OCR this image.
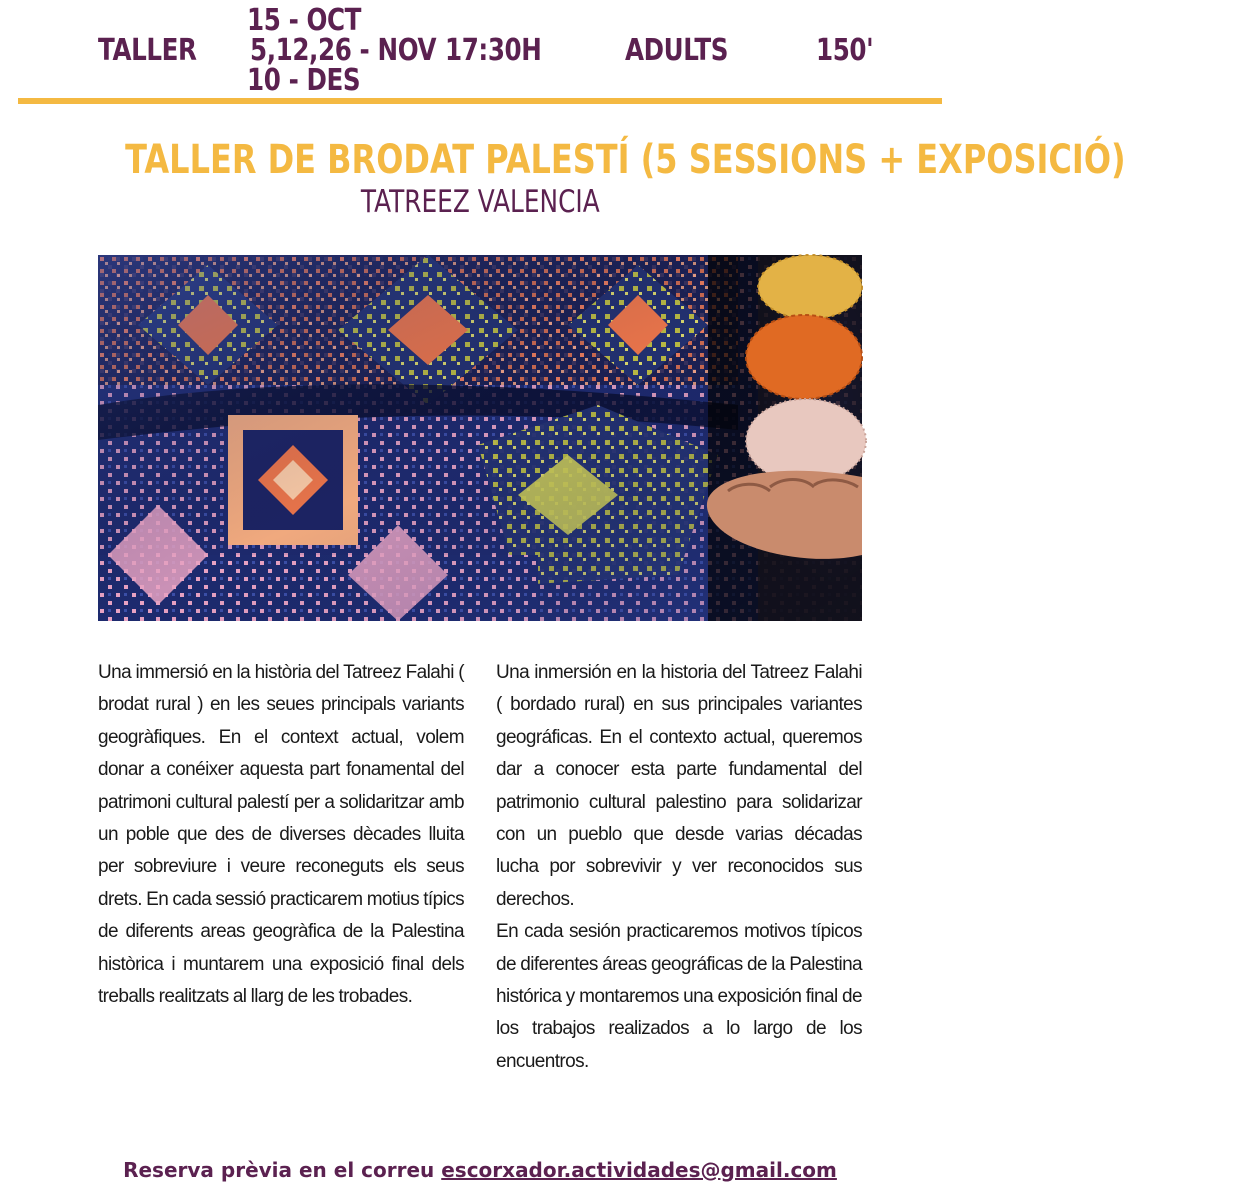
TALLER
15 - OCT
5,12,26 - NOV
10 - DES
17:30H	ADULTS	150'
TALLER DE BRODAT PALESTÍ (5 SESSIONS + EXPOSICIÓ)
TATREEZ VALENCIA

Una immersió en la història del Tatreez Falahi ( brodat rural ) en les seues principals variants geogràfiques. En el context actual, volem donar a conéixer aquesta part fonamental del patrimoni cultural palestí per a solidaritzar amb un poble que des de diverses dècades lluita per sobreviure i veure reconeguts els seus drets. En cada sessió practicarem motius típics de diferents areas geogràfica de la Palestina històrica i muntarem una exposició final dels treballs realitzats al llarg de les trobades.

Una inmersión en la historia del Tatreez Falahi ( bordado rural) en sus principales variantes geográficas. En el contexto actual, queremos dar a conocer esta parte fundamental del patrimonio cultural palestino para solidarizar con un pueblo que desde varias décadas lucha por sobrevivir y ver reconocidos sus derechos.

En cada sesión practicaremos motivos típicos de diferentes áreas geográficas de la Palestina histórica y montaremos una exposición final de los trabajos realizados a lo largo de los encuentros.

Reserva prèvia en el correu escorxador.actividades@gmail.com
